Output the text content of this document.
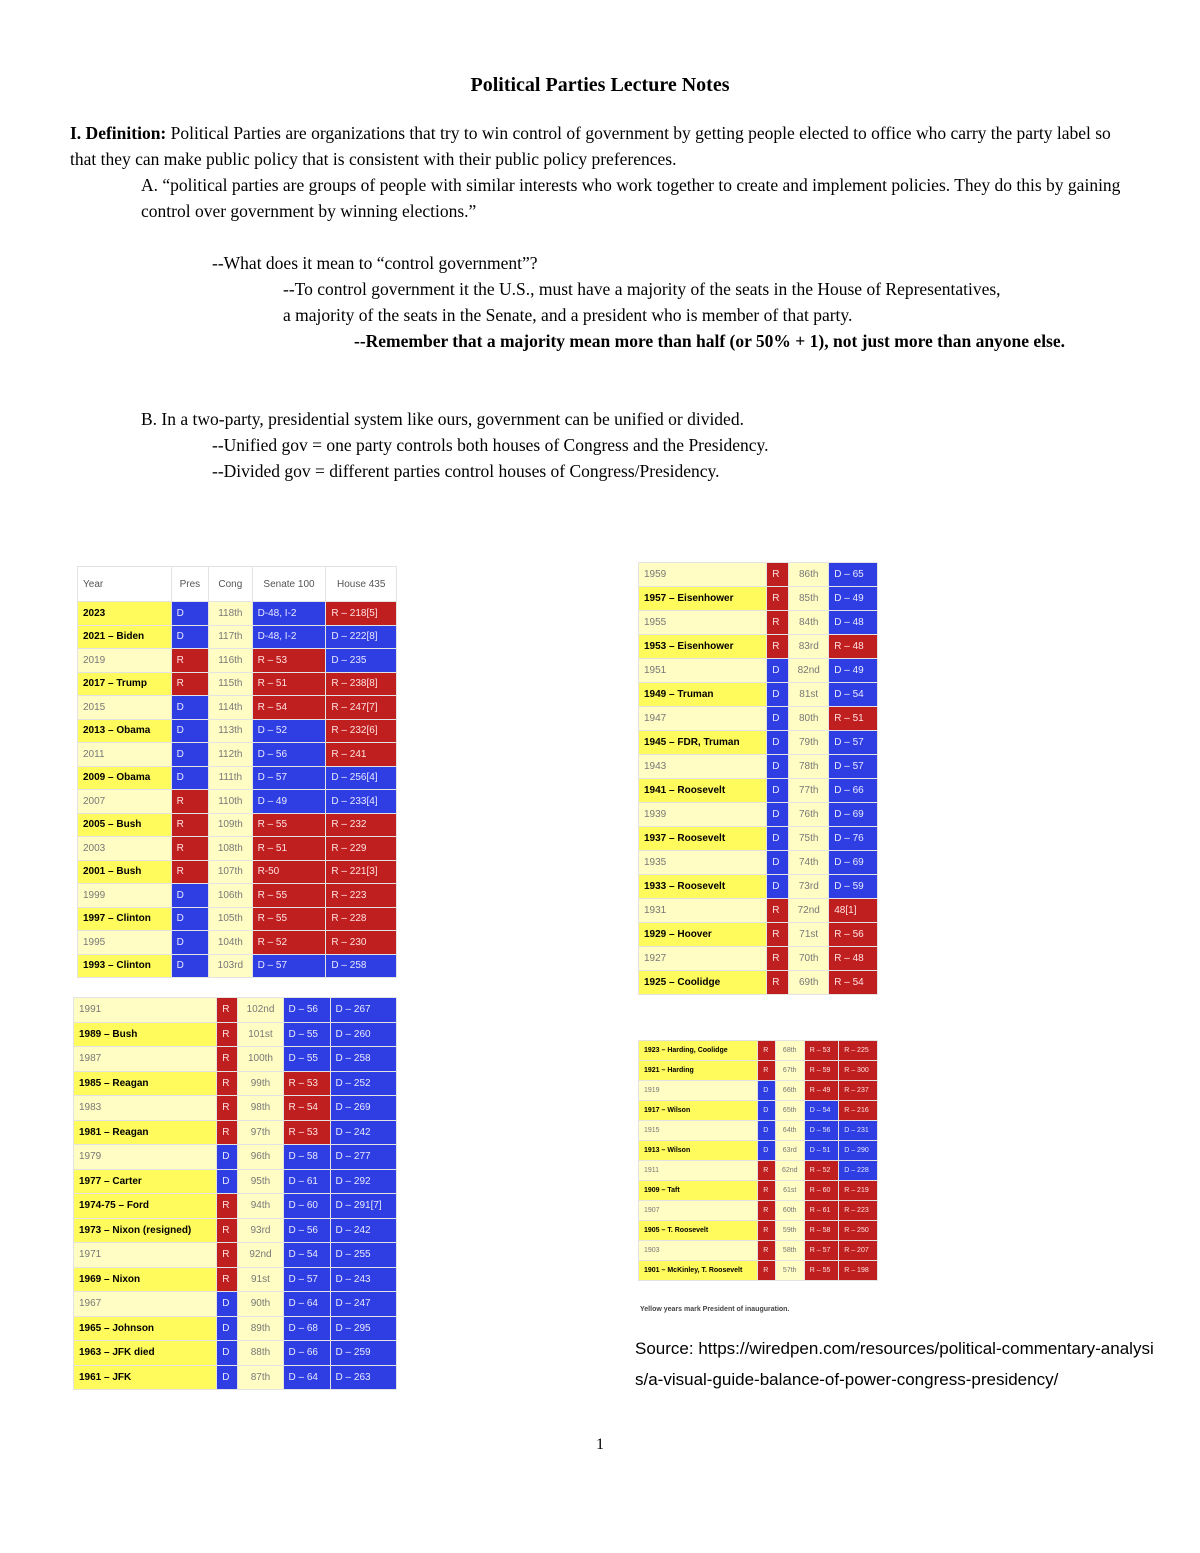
Political Parties Lecture Notes
I. Definition: Political Parties are organizations that try to win control of government by getting people elected to office who carry the party label so that they can make public policy that is consistent with their public policy preferences.
A. “political parties are groups of people with similar interests who work together to create and implement policies. They do this by gaining control over government by winning elections.”
--What does it mean to “control government”?
--To control government it the U.S., must have a majority of the seats in the House of Representatives,
a majority of the seats in the Senate, and a president who is member of that party.
--Remember that a majority mean more than half (or 50% + 1), not just more than anyone else.
B. In a two-party, presidential system like ours, government can be unified or divided.
--Unified gov = one party controls both houses of Congress and the Presidency.
--Divided gov = different parties control houses of Congress/Presidency.
Year	Pres	Cong	Senate 100	House 435
2023	D	118th	D-48, I-2	R – 218[5]
2021 – Biden	D	117th	D-48, I-2	D – 222[8]
2019	R	116th	R – 53	D – 235
2017 – Trump	R	115th	R – 51	R – 238[8]
2015	D	114th	R – 54	R – 247[7]
2013 – Obama	D	113th	D – 52	R – 232[6]
2011	D	112th	D – 56	R – 241
2009 – Obama	D	111th	D – 57	D – 256[4]
2007	R	110th	D – 49	D – 233[4]
2005 – Bush	R	109th	R – 55	R – 232
2003	R	108th	R – 51	R – 229
2001 – Bush	R	107th	R-50	R – 221[3]
1999	D	106th	R – 55	R – 223
1997 – Clinton	D	105th	R – 55	R – 228
1995	D	104th	R – 52	R – 230
1993 – Clinton	D	103rd	D – 57	D – 258
1991	R	102nd	D – 56	D – 267
1989 – Bush	R	101st	D – 55	D – 260
1987	R	100th	D – 55	D – 258
1985 – Reagan	R	99th	R – 53	D – 252
1983	R	98th	R – 54	D – 269
1981 – Reagan	R	97th	R – 53	D – 242
1979	D	96th	D – 58	D – 277
1977 – Carter	D	95th	D – 61	D – 292
1974-75 – Ford	R	94th	D – 60	D – 291[7]
1973 – Nixon (resigned)	R	93rd	D – 56	D – 242
1971	R	92nd	D – 54	D – 255
1969 – Nixon	R	91st	D – 57	D – 243
1967	D	90th	D – 64	D – 247
1965 – Johnson	D	89th	D – 68	D – 295
1963 – JFK died	D	88th	D – 66	D – 259
1961 – JFK	D	87th	D – 64	D – 263
1959	R	86th	D – 65
1957 – Eisenhower	R	85th	D – 49
1955	R	84th	D – 48
1953 – Eisenhower	R	83rd	R – 48
1951	D	82nd	D – 49
1949 – Truman	D	81st	D – 54
1947	D	80th	R – 51
1945 – FDR, Truman	D	79th	D – 57
1943	D	78th	D – 57
1941 – Roosevelt	D	77th	D – 66
1939	D	76th	D – 69
1937 – Roosevelt	D	75th	D – 76
1935	D	74th	D – 69
1933 – Roosevelt	D	73rd	D – 59
1931	R	72nd	48[1]
1929 – Hoover	R	71st	R – 56
1927	R	70th	R – 48
1925 – Coolidge	R	69th	R – 54
1923 – Harding, Coolidge	R	68th	R – 53	R – 225
1921 – Harding	R	67th	R – 59	R – 300
1919	D	66th	R – 49	R – 237
1917 – Wilson	D	65th	D – 54	R – 216
1915	D	64th	D – 56	D – 231
1913 – Wilson	D	63rd	D – 51	D – 290
1911	R	62nd	R – 52	D – 228
1909 – Taft	R	61st	R – 60	R – 219
1907	R	60th	R – 61	R – 223
1905 – T. Roosevelt	R	59th	R – 58	R – 250
1903	R	58th	R – 57	R – 207
1901 – McKinley, T. Roosevelt	R	57th	R – 55	R – 198
Yellow years mark President of inauguration.
Source: https://wiredpen.com/resources/political-commentary-analysis/a-visual-guide-balance-of-power-congress-presidency/
1
